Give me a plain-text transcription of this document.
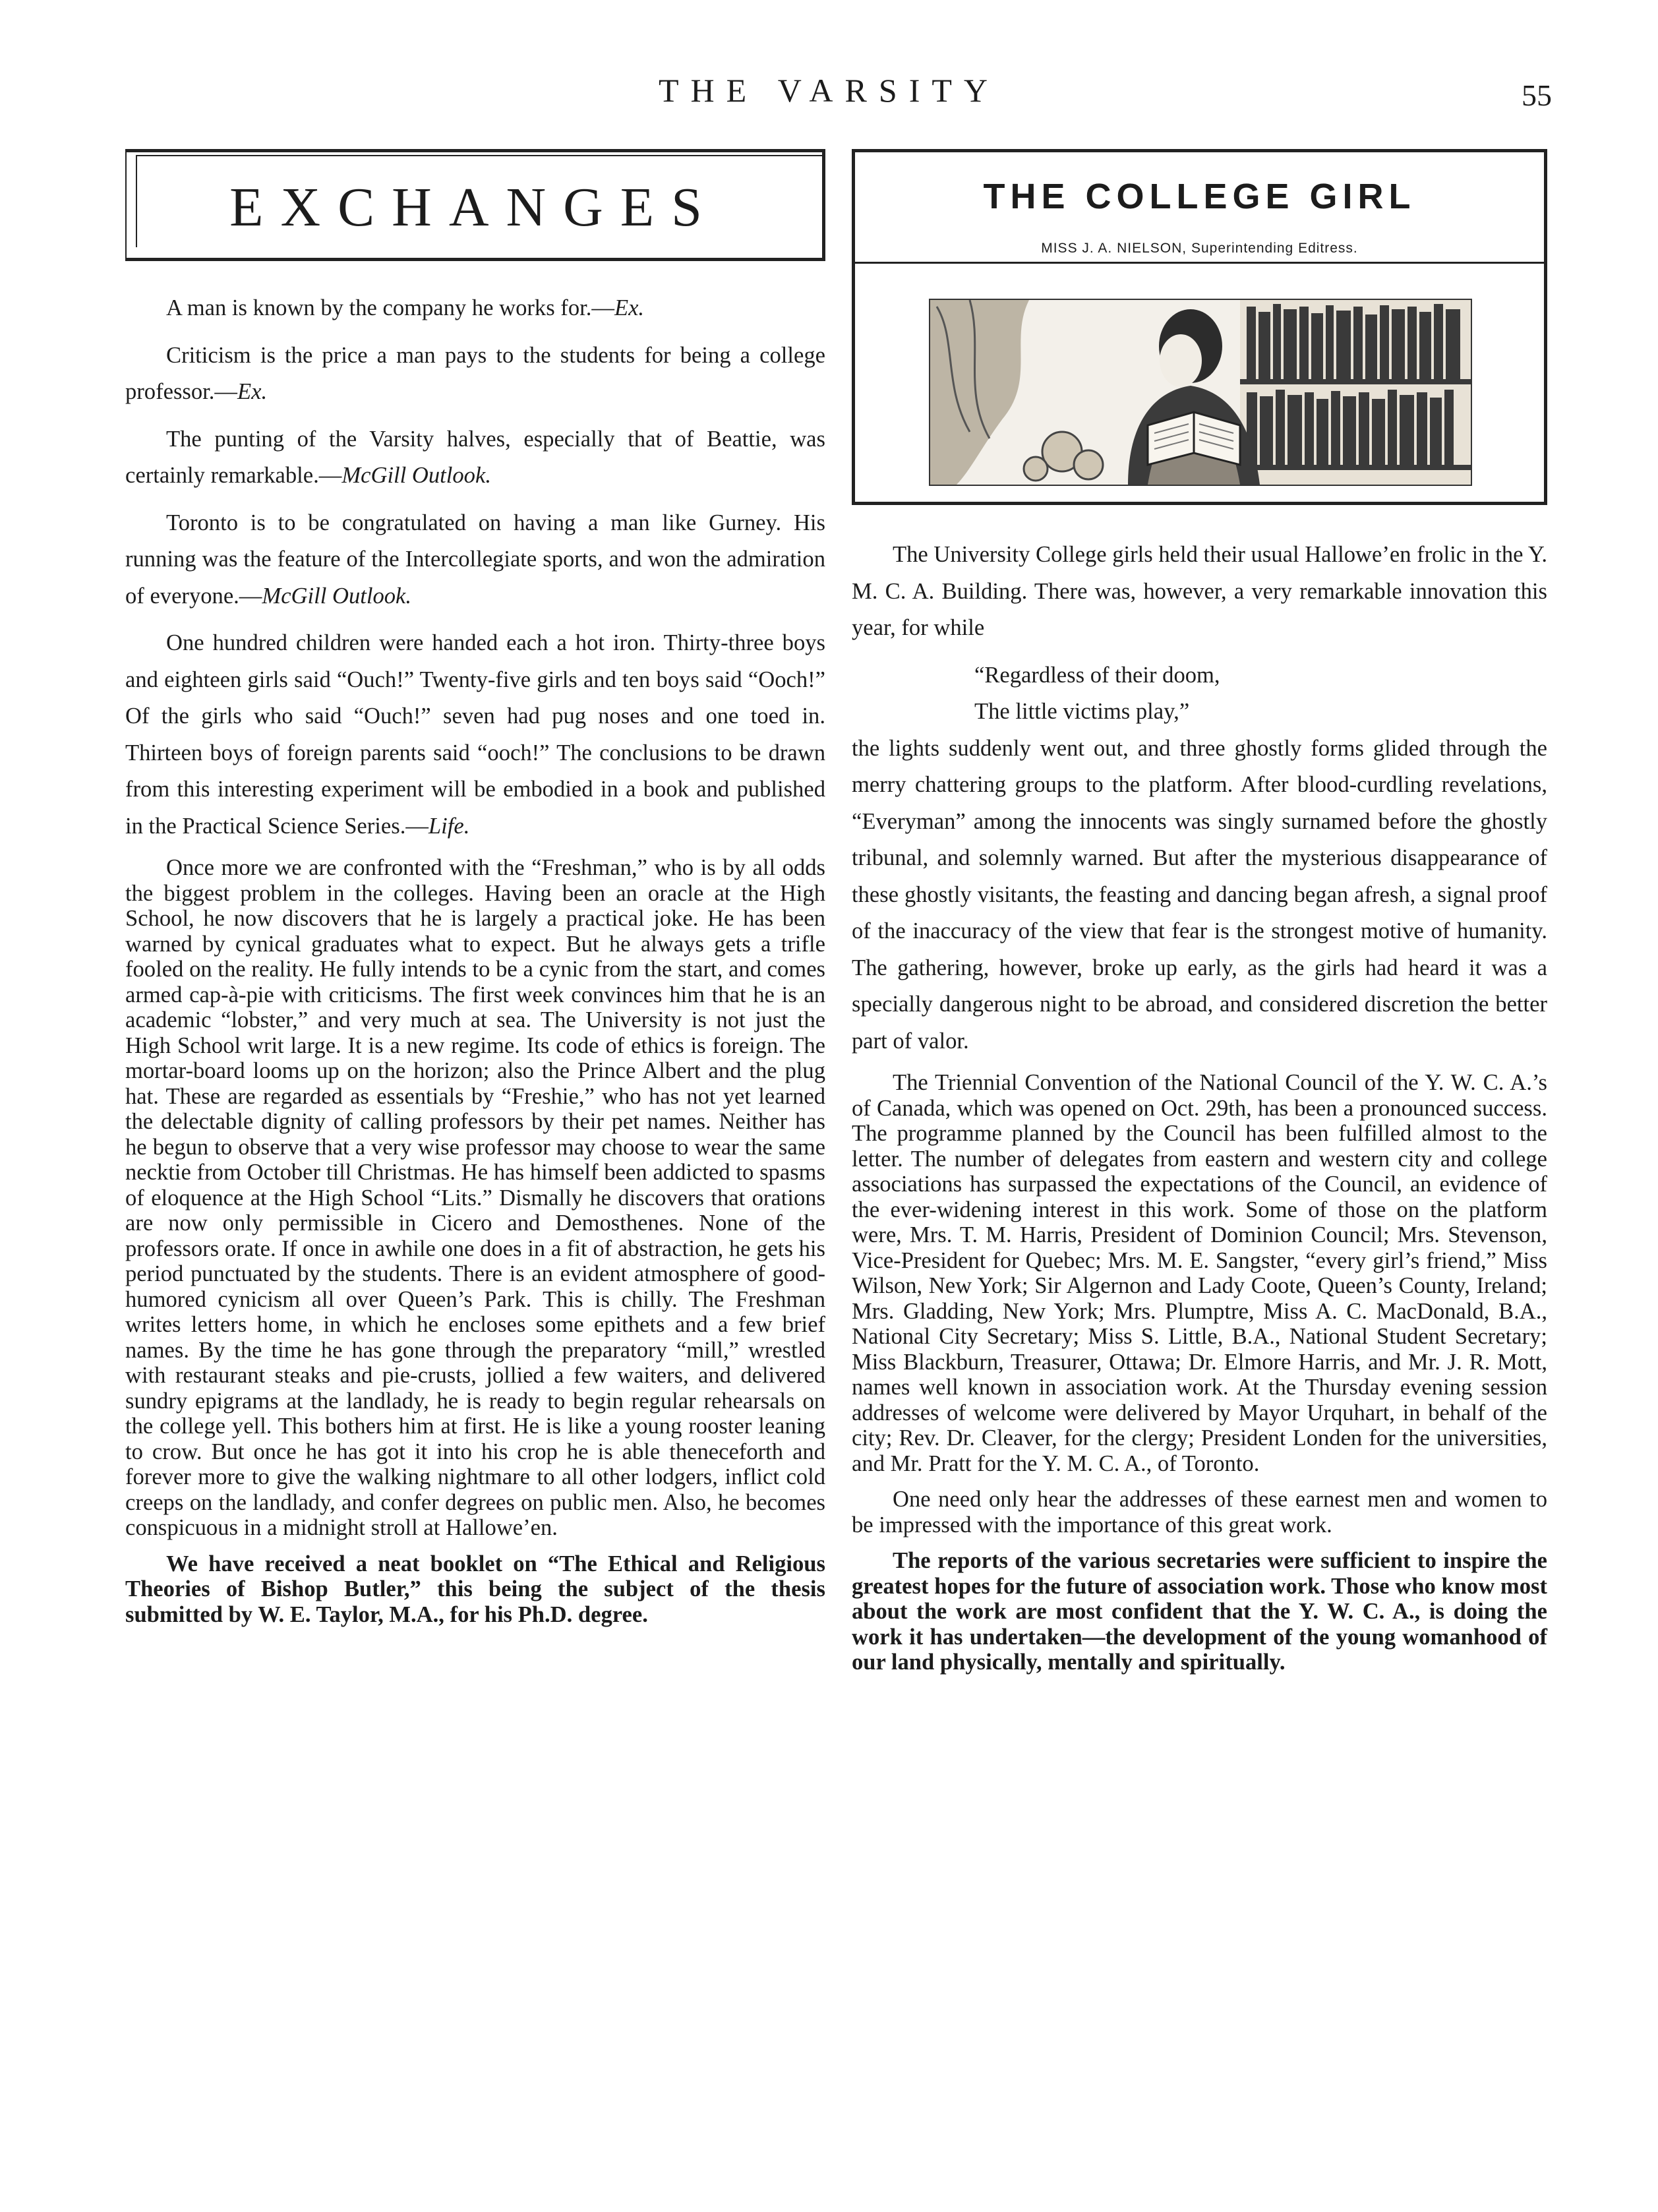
THE VARSITY	55
EXCHANGES

A man is known by the company he works for.—Ex.

Criticism is the price a man pays to the students for being a college professor.—Ex.

The punting of the Varsity halves, especially that of Beattie, was certainly remarkable.—McGill Outlook.

Toronto is to be congratulated on having a man like Gurney. His running was the feature of the Intercollegiate sports, and won the admiration of everyone.—McGill Outlook.

One hundred children were handed each a hot iron. Thirty-three boys and eighteen girls said “Ouch!” Twenty-five girls and ten boys said “Ooch!” Of the girls who said “Ouch!” seven had pug noses and one toed in. Thirteen boys of foreign parents said “ooch!” The conclusions to be drawn from this interesting experiment will be embodied in a book and published in the Practical Science Series.—Life.

Once more we are confronted with the “Freshman,” who is by all odds the biggest problem in the colleges. Having been an oracle at the High School, he now discovers that he is largely a practical joke. He has been warned by cynical graduates what to expect. But he always gets a trifle fooled on the reality. He fully intends to be a cynic from the start, and comes armed cap-à-pie with criticisms. The first week convinces him that he is an academic “lobster,” and very much at sea. The University is not just the High School writ large. It is a new regime. Its code of ethics is foreign. The mortar-board looms up on the horizon; also the Prince Albert and the plug hat. These are regarded as essentials by “Freshie,” who has not yet learned the delectable dignity of calling professors by their pet names. Neither has he begun to observe that a very wise professor may choose to wear the same necktie from October till Christmas. He has himself been addicted to spasms of eloquence at the High School “Lits.” Dismally he discovers that orations are now only permissible in Cicero and Demosthenes. None of the professors orate. If once in awhile one does in a fit of abstraction, he gets his period punctuated by the students. There is an evident atmosphere of good-humored cynicism all over Queen’s Park. This is chilly. The Freshman writes letters home, in which he encloses some epithets and a few brief names. By the time he has gone through the preparatory “mill,” wrestled with restaurant steaks and pie-crusts, jollied a few waiters, and delivered sundry epigrams at the landlady, he is ready to begin regular rehearsals on the college yell. This bothers him at first. He is like a young rooster leaning to crow. But once he has got it into his crop he is able theneceforth and forever more to give the walking nightmare to all other lodgers, inflict cold creeps on the landlady, and confer degrees on public men. Also, he becomes conspicuous in a midnight stroll at Hallowe’en.

We have received a neat booklet on “The Ethical and Religious Theories of Bishop Butler,” this being the subject of the thesis submitted by W. E. Taylor, M.A., for his Ph.D. degree.

THE COLLEGE GIRL
MISS J. A. NIELSON, Superintending Editress.

The University College girls held their usual Hallowe’en frolic in the Y. M. C. A. Building. There was, however, a very remarkable innovation this year, for while

“Regardless of their doom,

The little victims play,”

the lights suddenly went out, and three ghostly forms glided through the merry chattering groups to the platform. After blood-curdling revelations, “Everyman” among the innocents was singly surnamed before the ghostly tribunal, and solemnly warned. But after the mysterious disappearance of these ghostly visitants, the feasting and dancing began afresh, a signal proof of the inaccuracy of the view that fear is the strongest motive of humanity. The gathering, however, broke up early, as the girls had heard it was a specially dangerous night to be abroad, and considered discretion the better part of valor.

The Triennial Convention of the National Council of the Y. W. C. A.’s of Canada, which was opened on Oct. 29th, has been a pronounced success. The programme planned by the Council has been fulfilled almost to the letter. The number of delegates from eastern and western city and college associations has surpassed the expectations of the Council, an evidence of the ever-widening interest in this work. Some of those on the platform were, Mrs. T. M. Harris, President of Dominion Council; Mrs. Stevenson, Vice-President for Quebec; Mrs. M. E. Sangster, “every girl’s friend,” Miss Wilson, New York; Sir Algernon and Lady Coote, Queen’s County, Ireland; Mrs. Gladding, New York; Mrs. Plumptre, Miss A. C. MacDonald, B.A., National City Secretary; Miss S. Little, B.A., National Student Secretary; Miss Blackburn, Treasurer, Ottawa; Dr. Elmore Harris, and Mr. J. R. Mott, names well known in association work. At the Thursday evening session addresses of welcome were delivered by Mayor Urquhart, in behalf of the city; Rev. Dr. Cleaver, for the clergy; President Londen for the universities, and Mr. Pratt for the Y. M. C. A., of Toronto.

One need only hear the addresses of these earnest men and women to be impressed with the importance of this great work.

The reports of the various secretaries were sufficient to inspire the greatest hopes for the future of association work. Those who know most about the work are most confident that the Y. W. C. A., is doing the work it has undertaken—the development of the young womanhood of our land physically, mentally and spiritually.
